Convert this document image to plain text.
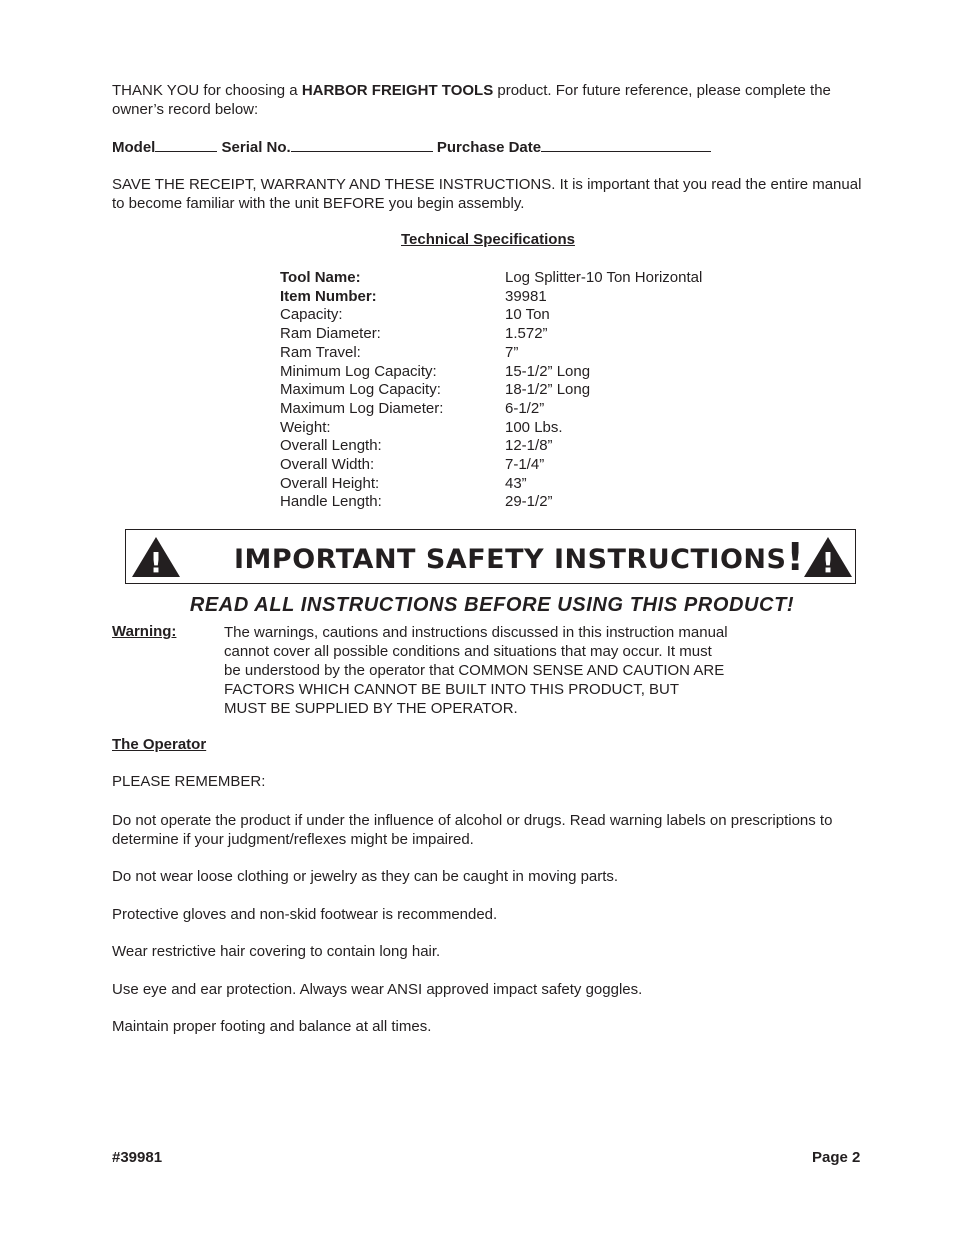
THANK YOU for choosing a HARBOR FREIGHT TOOLS product. For future reference, please complete the owner’s record below:

Model	Serial No.	Purchase Date

SAVE THE RECEIPT, WARRANTY AND THESE INSTRUCTIONS. It is important that you read the entire manual to become familiar with the unit BEFORE you begin assembly.

Technical Specifications
Tool Name:	Log Splitter-10 Ton Horizontal
Item Number:	39981
Capacity:	10 Ton
Ram Diameter:	1.572”
Ram Travel:	7”
Minimum Log Capacity:	15-1/2” Long
Maximum Log Capacity:	18-1/2” Long
Maximum Log Diameter:	6-1/2”
Weight:	100 Lbs.
Overall Length:	12-1/8”
Overall Width:	7-1/4”
Overall Height:	43”
Handle Length:	29-1/2”
!	IMPORTANT SAFETY INSTRUCTIONS! !
READ ALL INSTRUCTIONS BEFORE USING THIS PRODUCT!
Warning:	The warnings, cautions and instructions discussed in this instruction manual
cannot cover all possible conditions and situations that may occur. It must
be understood by the operator that COMMON SENSE AND CAUTION ARE
FACTORS WHICH CANNOT BE BUILT INTO THIS PRODUCT, BUT
MUST BE SUPPLIED BY THE OPERATOR.
The Operator
PLEASE REMEMBER:

Do not operate the product if under the influence of alcohol or drugs. Read warning labels on prescriptions to determine if your judgment/reflexes might be impaired.

Do not wear loose clothing or jewelry as they can be caught in moving parts.

Protective gloves and non-skid footwear is recommended.

Wear restrictive hair covering to contain long hair.

Use eye and ear protection. Always wear ANSI approved impact safety goggles.

Maintain proper footing and balance at all times.

#39981	Page 2
